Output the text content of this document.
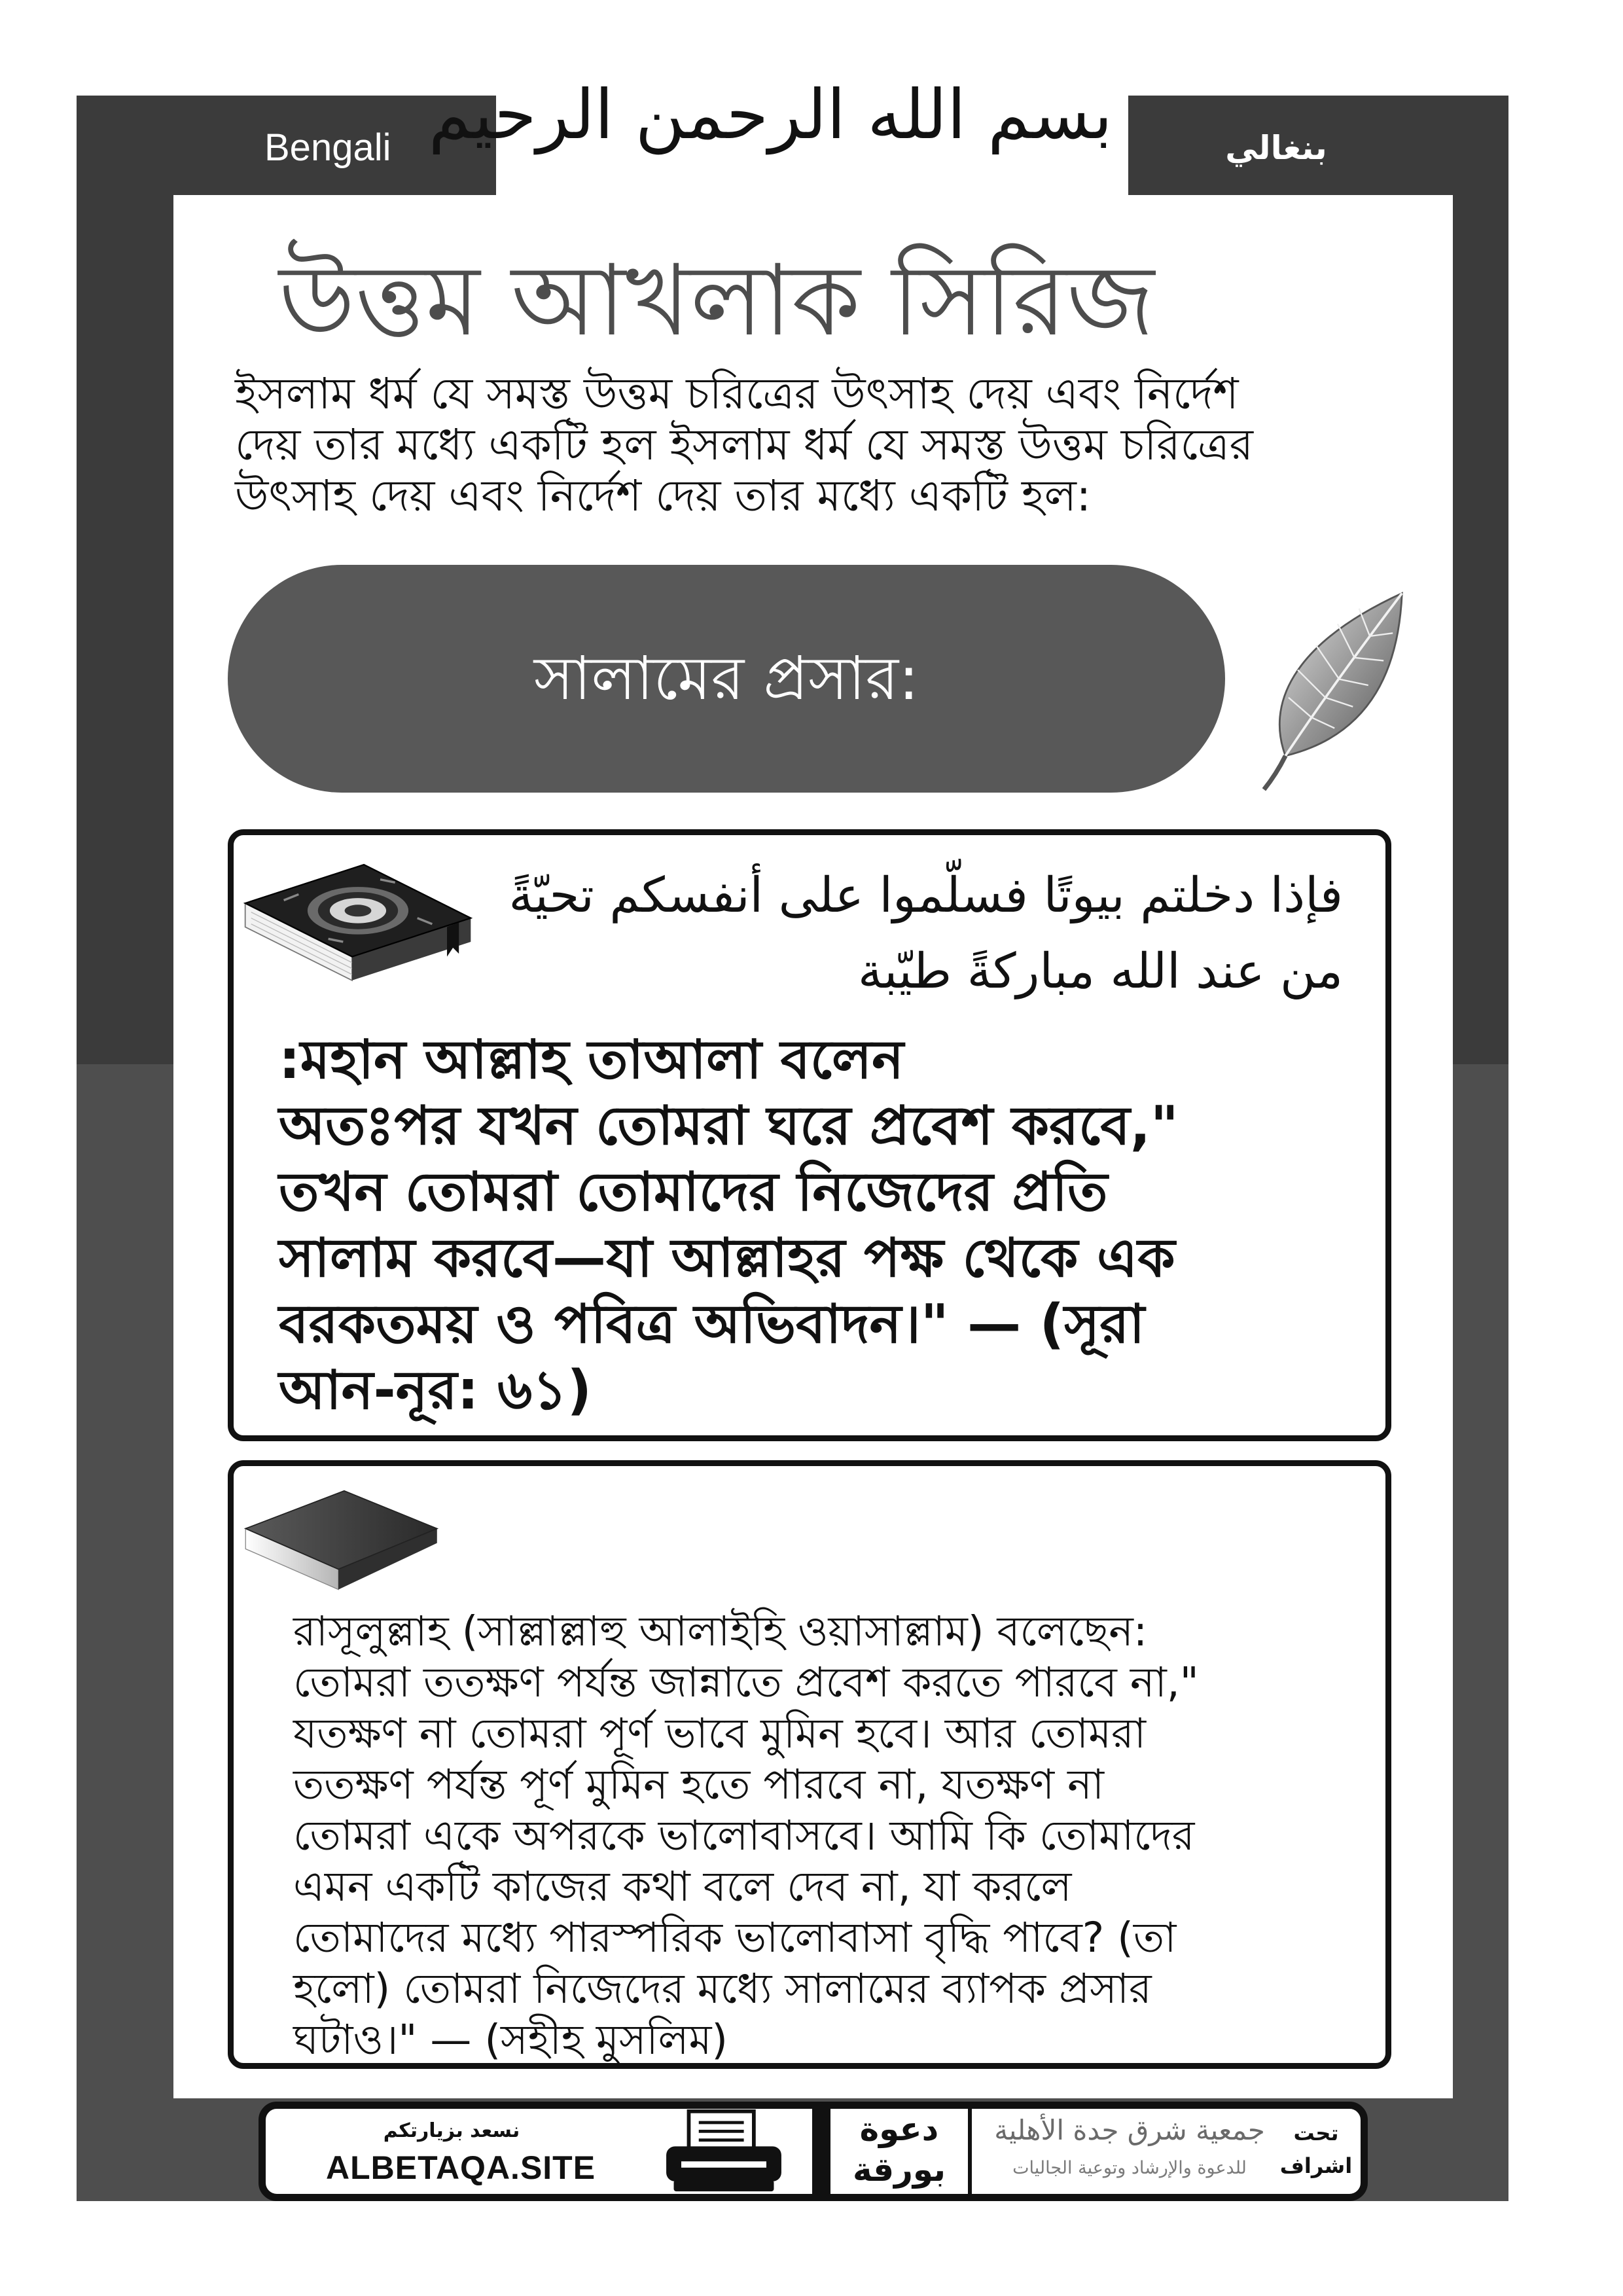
Bengali	بنغالي
بسم الله الرحمن الرحيم
উত্তম আখলাক সিরিজ
ইসলাম ধর্ম যে সমস্ত উত্তম চরিত্রের উৎসাহ দেয় এবং নির্দেশ
দেয় তার মধ্যে একটি হল ইসলাম ধর্ম যে সমস্ত উত্তম চরিত্রের
উৎসাহ দেয় এবং নির্দেশ দেয় তার মধ্যে একটি হল:
সালামের প্রসার:
فإذا دخلتم بيوتًا فسلّموا على أنفسكم تحيّةً
من عند الله مباركةً طيّبة
:মহান আল্লাহ তাআলা বলেন
অতঃপর যখন তোমরা ঘরে প্রবেশ করবে,"
তখন তোমরা তোমাদের নিজেদের প্রতি
সালাম করবে—যা আল্লাহর পক্ষ থেকে এক
বরকতময় ও পবিত্র অভিবাদন।" — (সূরা
আন-নূর: ৬১)
রাসূলুল্লাহ (সাল্লাল্লাহু আলাইহি ওয়াসাল্লাম) বলেছেন:
তোমরা ততক্ষণ পর্যন্ত জান্নাতে প্রবেশ করতে পারবে না,"
যতক্ষণ না তোমরা পূর্ণ ভাবে মুমিন হবে। আর তোমরা
ততক্ষণ পর্যন্ত পূর্ণ মুমিন হতে পারবে না, যতক্ষণ না
তোমরা একে অপরকে ভালোবাসবে। আমি কি তোমাদের
এমন একটি কাজের কথা বলে দেব না, যা করলে
তোমাদের মধ্যে পারস্পরিক ভালোবাসা বৃদ্ধি পাবে? (তা
হলো) তোমরা নিজেদের মধ্যে সালামের ব্যাপক প্রসার
ঘটাও।" — (সহীহ মুসলিম)
نسعد بزيارتكم
ALBETAQA.SITE
دعوة
بورقة
جمعية شرق جدة الأهلية
للدعوة والإرشاد وتوعية الجاليات
تحت
اشراف
